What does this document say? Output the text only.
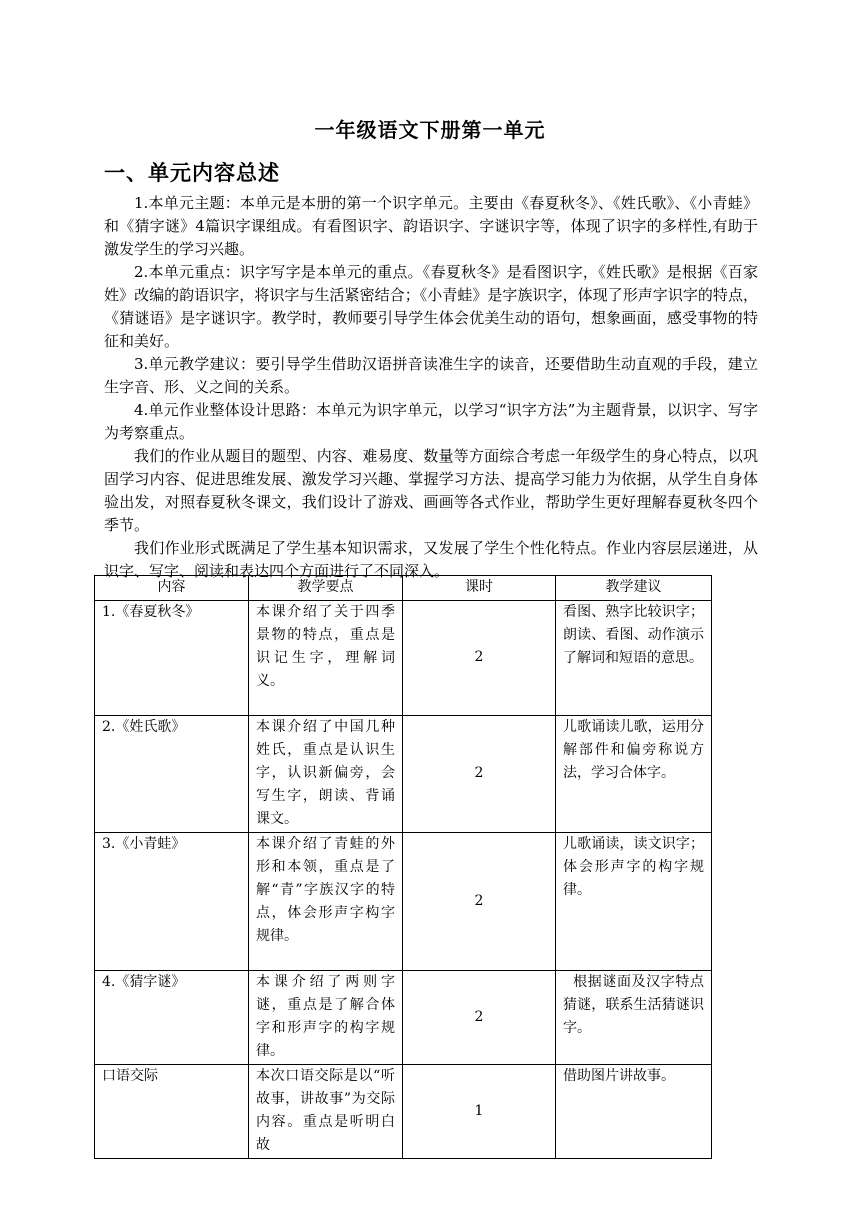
一年级语文下册第一单元
一、单元内容总述

1.本单元主题：本单元是本册的第一个识字单元。主要由《春夏秋冬》、《姓氏歌》、《小青蛙》和《猜字谜》4篇识字课组成。有看图识字、韵语识字、字谜识字等，体现了识字的多样性,有助于激发学生的学习兴趣。

2.本单元重点：识字写字是本单元的重点。《春夏秋冬》是看图识字，《姓氏歌》是根据《百家姓》改编的韵语识字，将识字与生活紧密结合；《小青蛙》是字族识字，体现了形声字识字的特点，《猜谜语》是字谜识字。教学时，教师要引导学生体会优美生动的语句，想象画面，感受事物的特征和美好。

3.单元教学建议：要引导学生借助汉语拼音读准生字的读音，还要借助生动直观的手段，建立生字音、形、义之间的关系。

4.单元作业整体设计思路：本单元为识字单元，以学习“识字方法”为主题背景，以识字、写字为考察重点。

我们的作业从题目的题型、内容、难易度、数量等方面综合考虑一年级学生的身心特点，以巩固学习内容、促进思维发展、激发学习兴趣、掌握学习方法、提高学习能力为依据，从学生自身体验出发，对照春夏秋冬课文，我们设计了游戏、画画等各式作业，帮助学生更好理解春夏秋冬四个季节。

我们作业形式既满足了学生基本知识需求，又发展了学生个性化特点。作业内容层层递进，从识字、写字、阅读和表达四个方面进行了不同深入。

内容	教学要点	课时	教学建议
1.《春夏秋冬》	本课介绍了关于四季景物的特点，重点是识记生字，理解词义。	2	看图、熟字比较识字；朗读、看图、动作演示了解词和短语的意思。
2.《姓氏歌》	本课介绍了中国几种姓氏，重点是认识生字，认识新偏旁，会写生字，朗读、背诵课文。	2	儿歌诵读儿歌，运用分解部件和偏旁称说方法，学习合体字。
3.《小青蛙》	本课介绍了青蛙的外形和本领，重点是了解“青”字族汉字的特点，体会形声字构字规律。	2	儿歌诵读，读文识字；体会形声字的构字规律。
4.《猜字谜》	本课介绍了两则字谜，重点是了解合体字和形声字的构字规律。	2	根据谜面及汉字特点猜谜，联系生活猜谜识字。
口语交际	本次口语交际是以“听故事，讲故事”为交际内容。重点是听明白故	1	借助图片讲故事。
